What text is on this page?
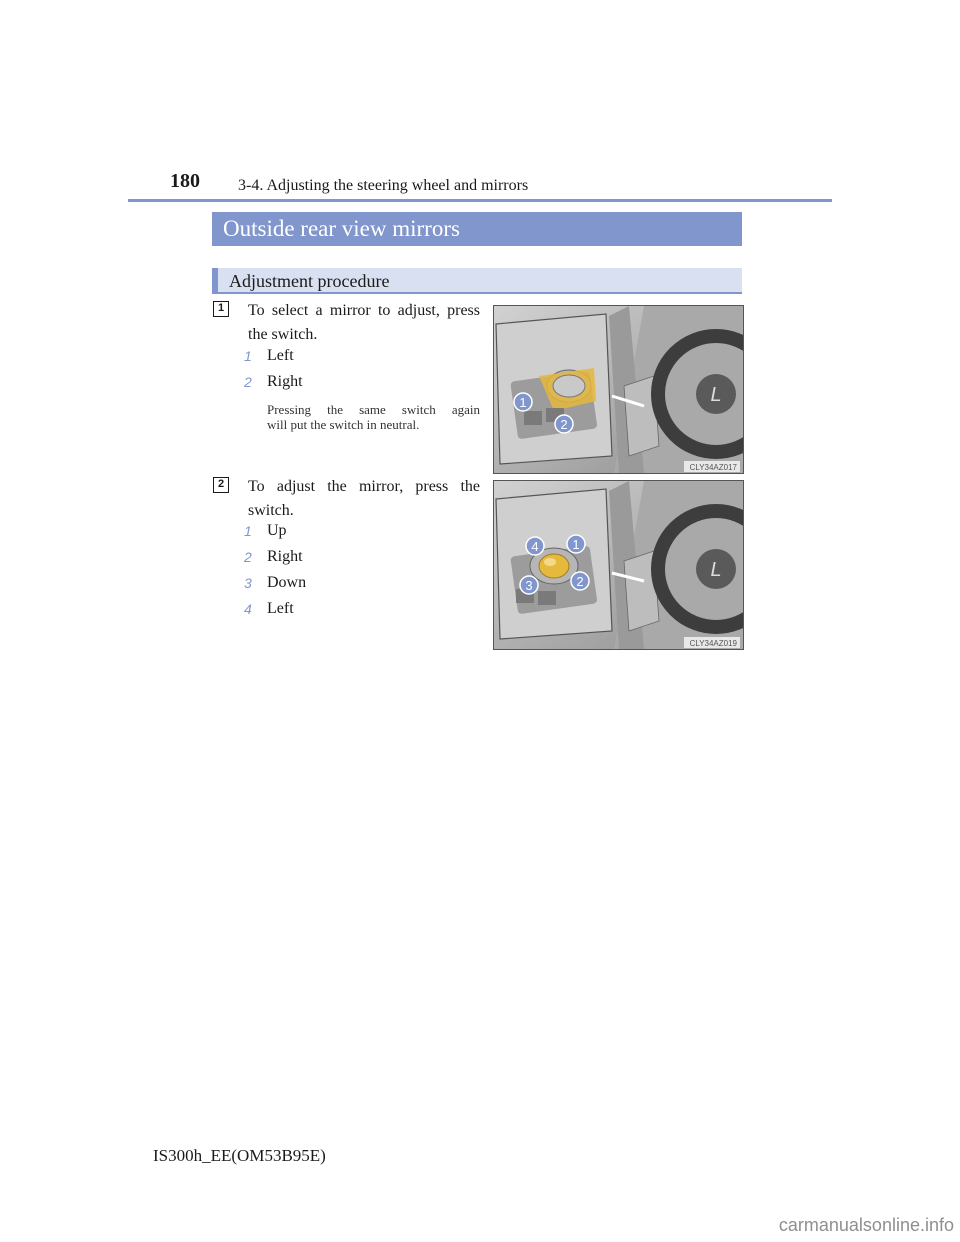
180 3-4. Adjusting the steering wheel and mirrors
Outside rear view mirrors
Adjustment procedure
1	To select a mirror to adjust, press
the switch.
1 Left
2 Right
Pressing the same switch again
will put the switch in neutral.
L
1
2
CLY34AZ017
2	To adjust the mirror, press the
switch.
1 Up
2 Right
3 Down
4 Left
L
4	1
3	2
CLY34AZ019
IS300h_EE(OM53B95E)
carmanualsonline.info
